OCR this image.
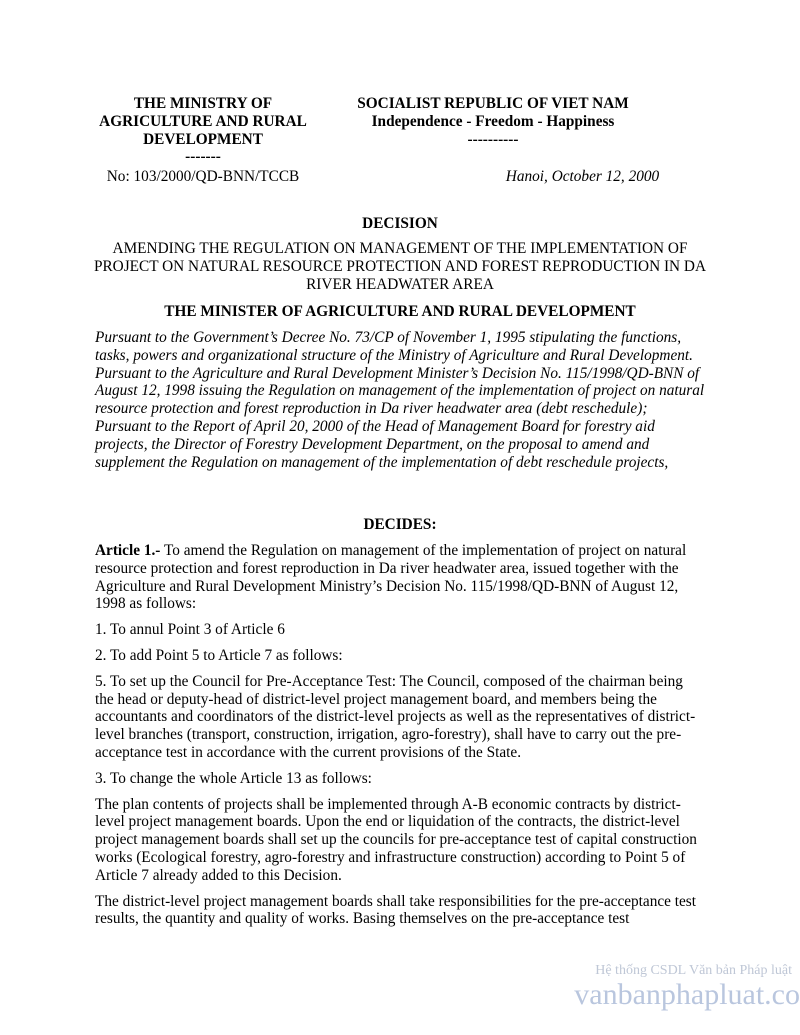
THE MINISTRY OF
AGRICULTURE AND RURAL
DEVELOPMENT
-------
SOCIALIST REPUBLIC OF VIET NAM
Independence - Freedom - Happiness
----------
No: 103/2000/QD-BNN/TCCB	Hanoi, October 12, 2000
DECISION
AMENDING THE REGULATION ON MANAGEMENT OF THE IMPLEMENTATION OF PROJECT ON NATURAL RESOURCE PROTECTION AND FOREST REPRODUCTION IN DA RIVER HEADWATER AREA
THE MINISTER OF AGRICULTURE AND RURAL DEVELOPMENT

Pursuant to the Government’s Decree No. 73/CP of November 1, 1995 stipulating the functions, tasks, powers and organizational structure of the Ministry of Agriculture and Rural Development.

Pursuant to the Agriculture and Rural Development Minister’s Decision No. 115/1998/QD-BNN of August 12, 1998 issuing the Regulation on management of the implementation of project on natural resource protection and forest reproduction in Da river headwater area (debt reschedule);

Pursuant to the Report of April 20, 2000 of the Head of Management Board for forestry aid projects, the Director of Forestry Development Department, on the proposal to amend and supplement the Regulation on management of the implementation of debt reschedule projects,

DECIDES:

Article 1.- To amend the Regulation on management of the implementation of project on natural resource protection and forest reproduction in Da river headwater area, issued together with the Agriculture and Rural Development Ministry’s Decision No. 115/1998/QD-BNN of August 12, 1998 as follows:

1. To annul Point 3 of Article 6

2. To add Point 5 to Article 7 as follows:

5. To set up the Council for Pre-Acceptance Test: The Council, composed of the chairman being the head or deputy-head of district-level project management board, and members being the accountants and coordinators of the district-level projects as well as the representatives of district-level branches (transport, construction, irrigation, agro-forestry), shall have to carry out the pre-acceptance test in accordance with the current provisions of the State.

3. To change the whole Article 13 as follows:

The plan contents of projects shall be implemented through A-B economic contracts by district-level project management boards. Upon the end or liquidation of the contracts, the district-level project management boards shall set up the councils for pre-acceptance test of capital construction works (Ecological forestry, agro-forestry and infrastructure construction) according to Point 5 of Article 7 already added to this Decision.

The district-level project management boards shall take responsibilities for the pre-acceptance test results, the quantity and quality of works. Basing themselves on the pre-acceptance test

Hệ thống CSDL Văn bản Pháp luật
vanbanphapluat.co
